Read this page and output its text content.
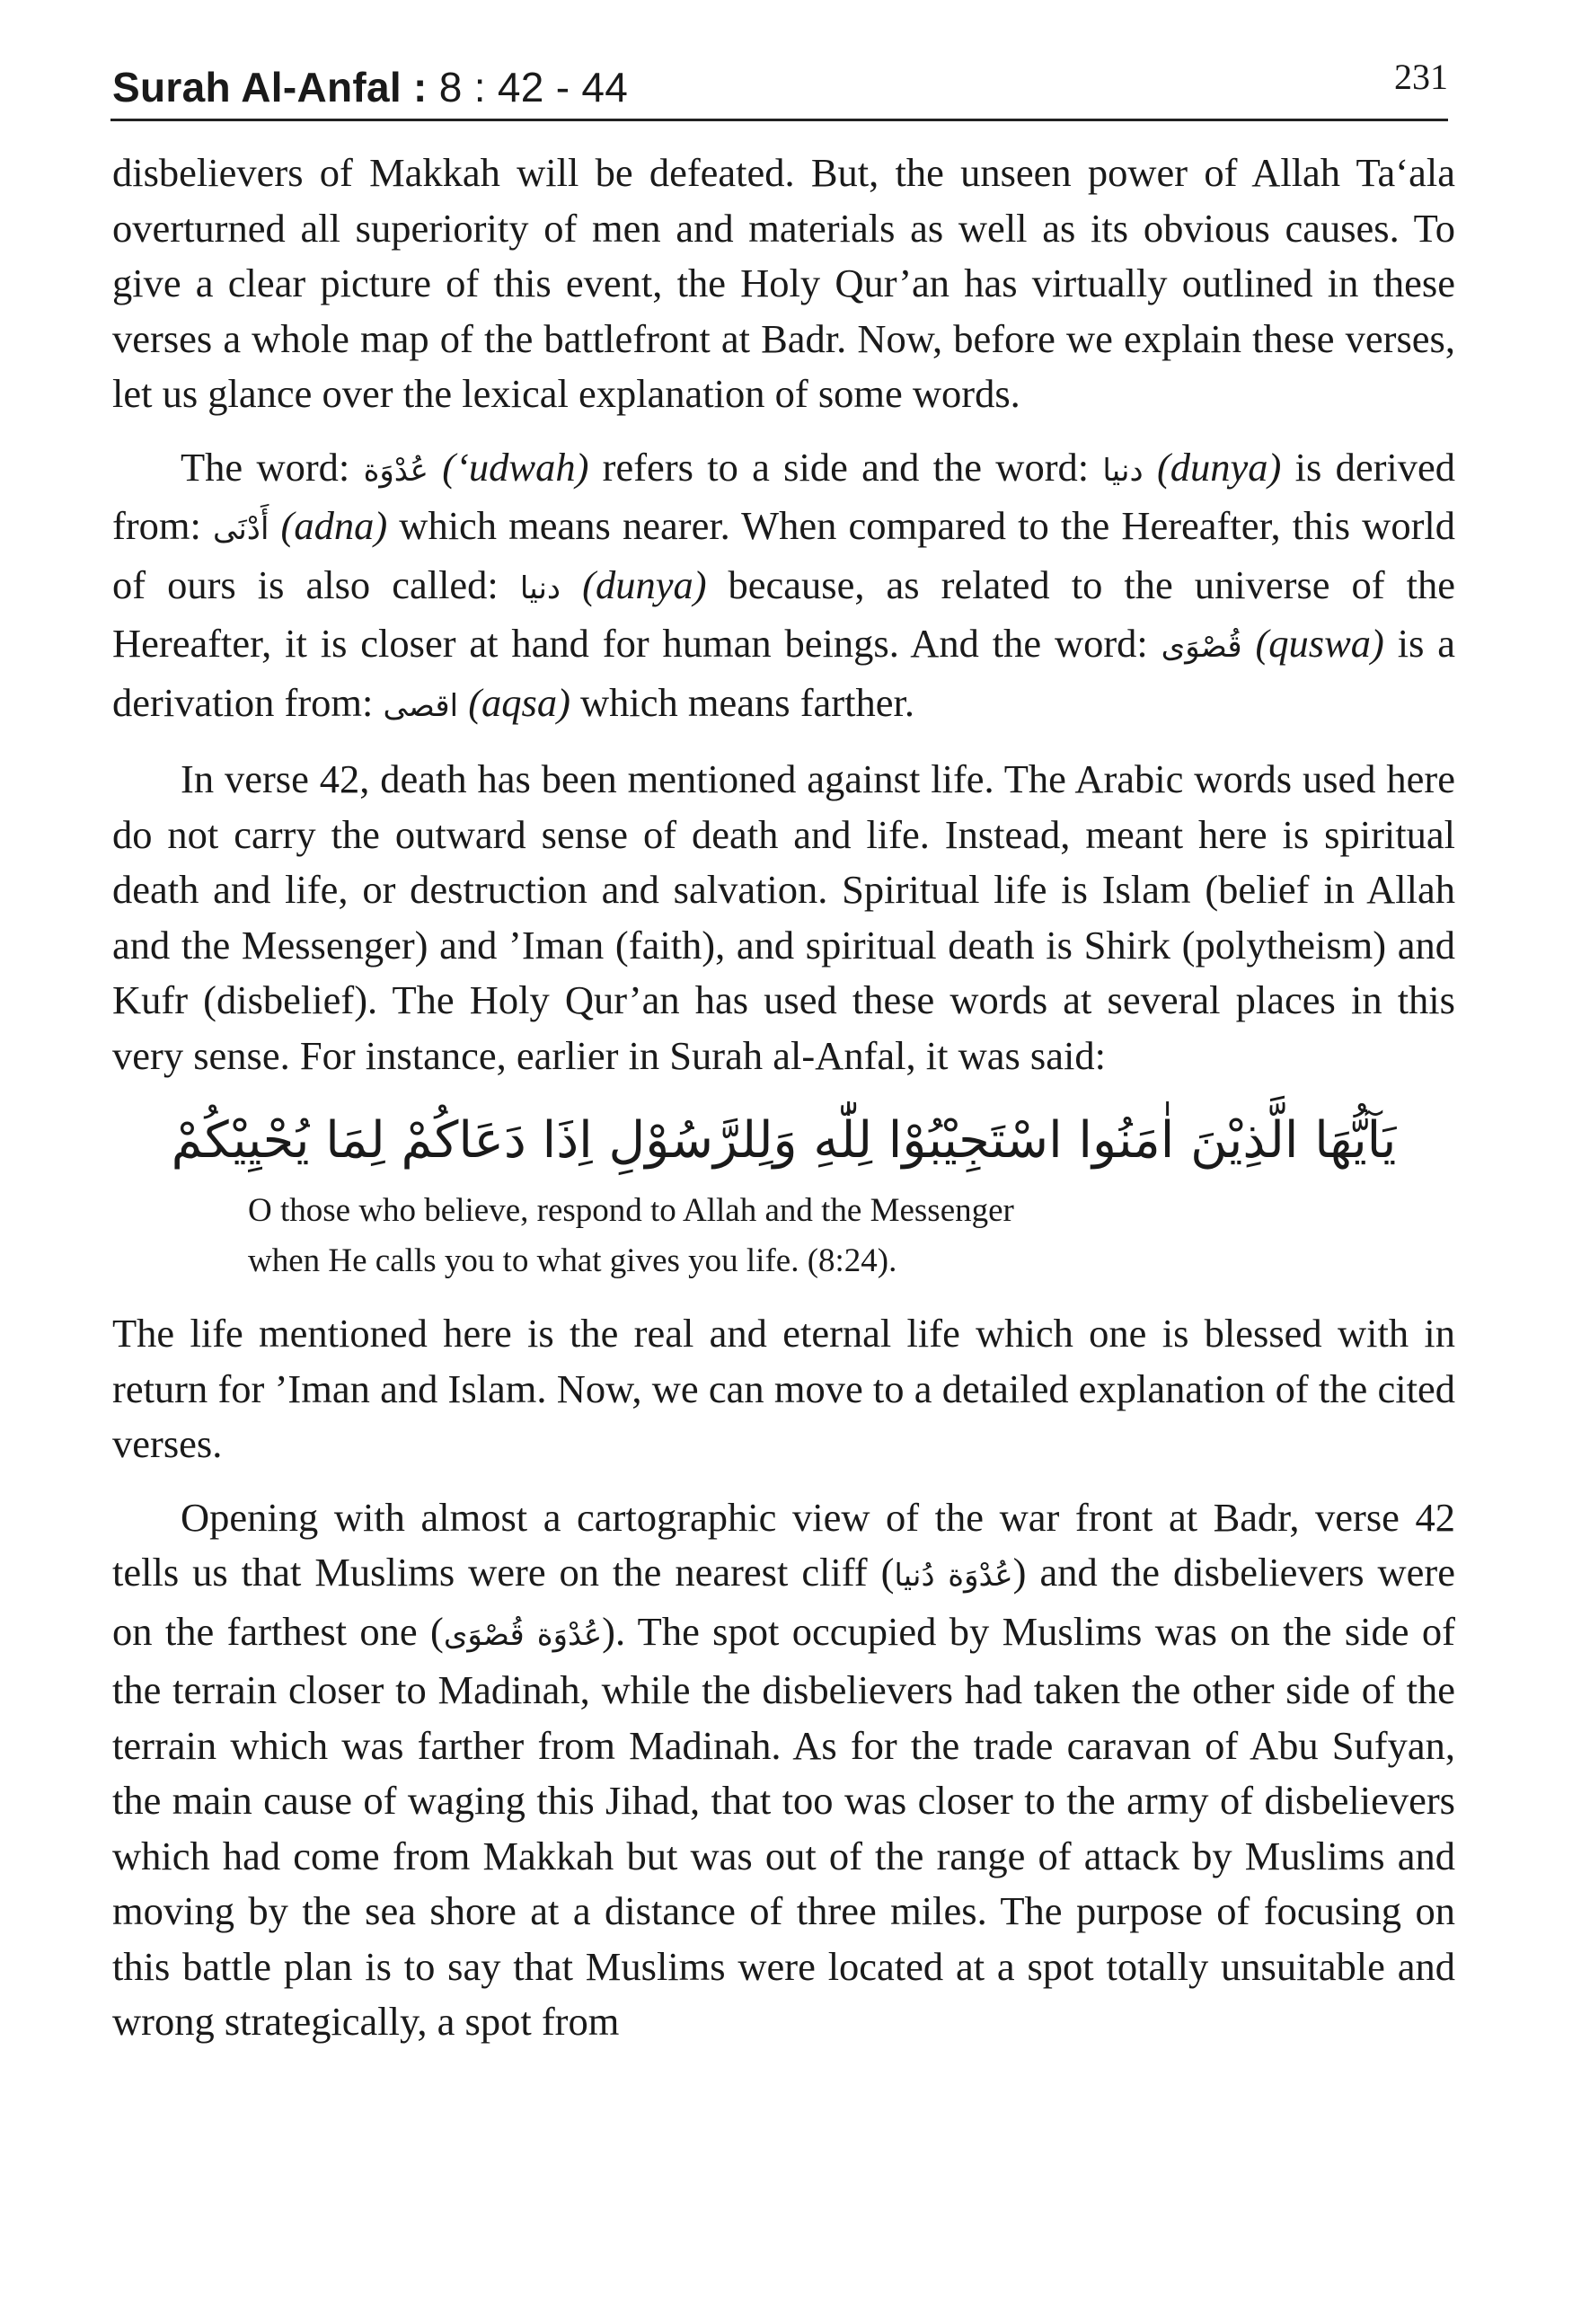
Surah Al-Anfal : 8 : 42 - 44	231

disbelievers of Makkah will be defeated. But, the unseen power of Allah Ta‘ala overturned all superiority of men and materials as well as its obvious causes. To give a clear picture of this event, the Holy Qur’an has virtually outlined in these verses a whole map of the battlefront at Badr. Now, before we explain these verses, let us glance over the lexical explanation of some words.

The word: عُدْوَة (‘udwah) refers to a side and the word: دنيا (dunya) is derived from: أَدْنَى (adna) which means nearer. When compared to the Hereafter, this world of ours is also called: دنيا (dunya) because, as related to the universe of the Hereafter, it is closer at hand for human beings. And the word: قُصْوَى (quswa) is a derivation from: اقصى (aqsa) which means farther.

In verse 42, death has been mentioned against life. The Arabic words used here do not carry the outward sense of death and life. Instead, meant here is spiritual death and life, or destruction and salvation. Spiritual life is Islam (belief in Allah and the Messenger) and ’Iman (faith), and spiritual death is Shirk (polytheism) and Kufr (disbelief). The Holy Qur’an has used these words at several places in this very sense. For instance, earlier in Surah al-Anfal, it was said:

يَآيُّهَا الَّذِيْنَ اٰمَنُوا اسْتَجِيْبُوْا لِلّٰهِ وَلِلرَّسُوْلِ اِذَا دَعَاكُمْ لِمَا يُحْيِيْكُمْ
O those who believe, respond to Allah and the Messenger
when He calls you to what gives you life. (8:24).

The life mentioned here is the real and eternal life which one is blessed with in return for ’Iman and Islam. Now, we can move to a detailed explanation of the cited verses.

Opening with almost a cartographic view of the war front at Badr, verse 42 tells us that Muslims were on the nearest cliff (عُدْوَة دُنيا) and the disbelievers were on the farthest one (عُدْوَة قُصْوَى). The spot occupied by Muslims was on the side of the terrain closer to Madinah, while the disbelievers had taken the other side of the terrain which was farther from Madinah. As for the trade caravan of Abu Sufyan, the main cause of waging this Jihad, that too was closer to the army of disbelievers which had come from Makkah but was out of the range of attack by Muslims and moving by the sea shore at a distance of three miles. The purpose of focusing on this battle plan is to say that Muslims were located at a spot totally unsuitable and wrong strategically, a spot from
